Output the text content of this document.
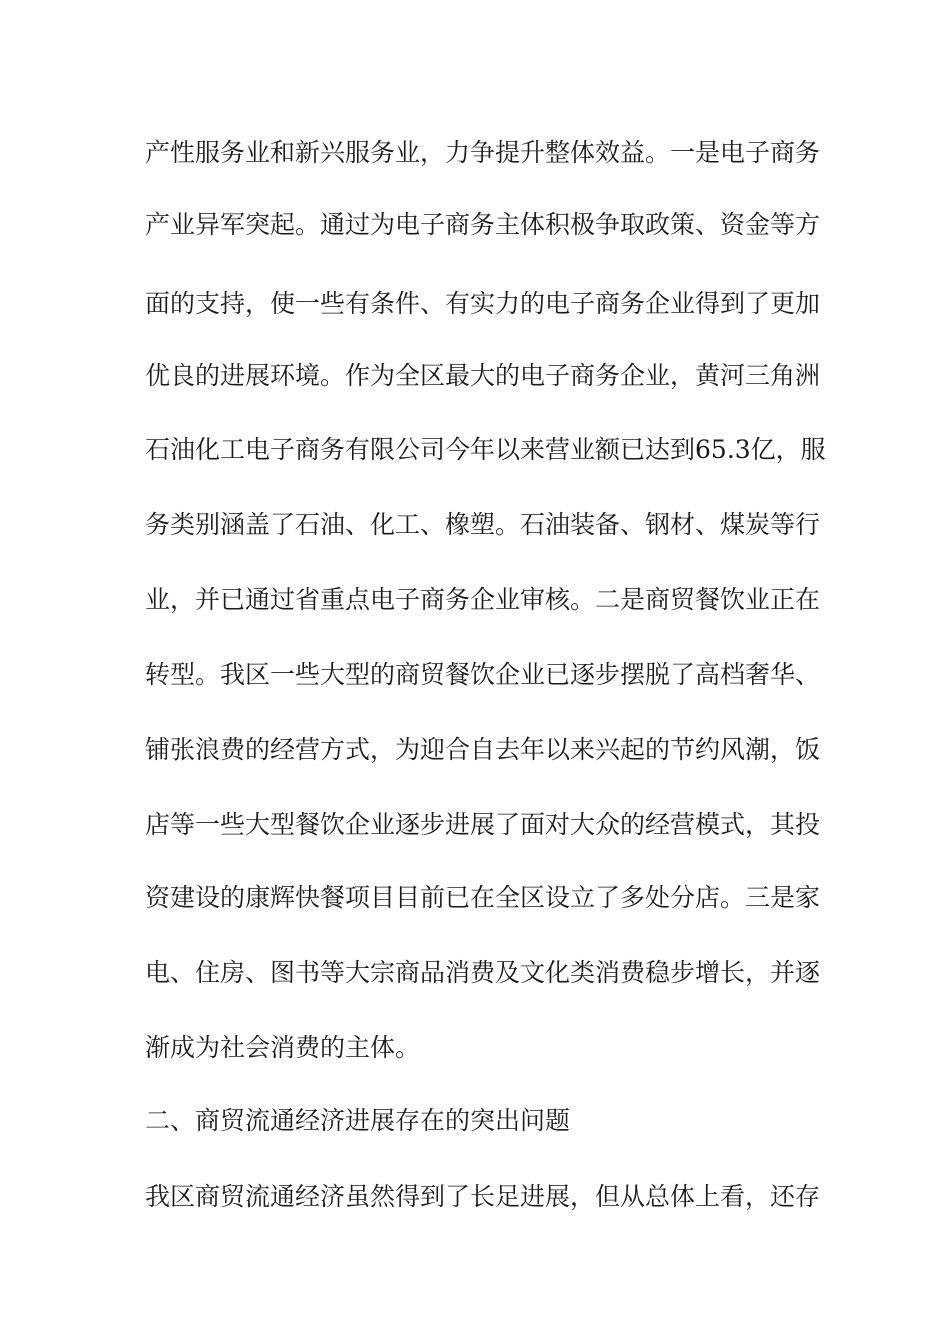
产性服务业和新兴服务业，力争提升整体效益。一是电子商务
产业异军突起。通过为电子商务主体积极争取政策、资金等方
面的支持，使一些有条件、有实力的电子商务企业得到了更加
优良的进展环境。作为全区最大的电子商务企业，黄河三角洲
石油化工电子商务有限公司今年以来营业额已达到65.3亿，服
务类别涵盖了石油、化工、橡塑。石油装备、钢材、煤炭等行
业，并已通过省重点电子商务企业审核。二是商贸餐饮业正在
转型。我区一些大型的商贸餐饮企业已逐步摆脱了高档奢华、
铺张浪费的经营方式，为迎合自去年以来兴起的节约风潮，饭
店等一些大型餐饮企业逐步进展了面对大众的经营模式，其投
资建设的康辉快餐项目目前已在全区设立了多处分店。三是家
电、住房、图书等大宗商品消费及文化类消费稳步增长，并逐
渐成为社会消费的主体。
二、商贸流通经济进展存在的突出问题
我区商贸流通经济虽然得到了长足进展，但从总体上看，还存
